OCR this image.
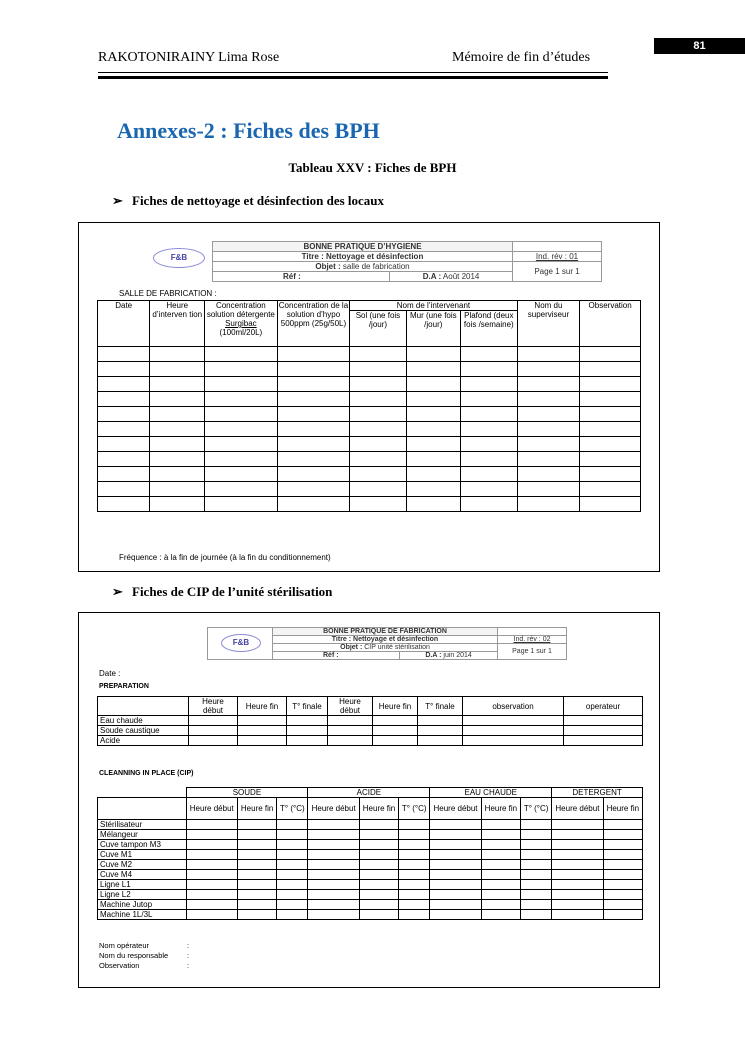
81
RAKOTONIRAINY Lima Rose	Mémoire de fin d’études
Annexes-2 : Fiches des BPH
Tableau XXV : Fiches de BPH
➢ Fiches de nettoyage et désinfection des locaux
F&B
BONNE PRATIQUE D’HYGIENE		
Titre : Nettoyage et désinfection		Ind. rév : 01
Objet : salle de fabrication		Page 1 sur 1
Réf :	D.A : Août 2014	
SALLE DE FABRICATION :
Date	Heure d’interven tion	Concentration solution détergente
Surgibac
(100ml/20L)	Concentration de la solution d’hypo 500ppm (25g/50L)	Nom de l’intervenant			Nom du superviseur	Observation
				Sol (une fois /jour)	Mur (une fois /jour)	Plafond (deux fois /semaine)		

Fréquence : à la fin de journée (à la fin du conditionnement)
➢ Fiches de CIP de l’unité stérilisation
F&B
	BONNE PRATIQUE DE FABRICATION		
	Titre : Nettoyage et désinfection		Ind. rév : 02
	Objet : CIP unité stérilisation		Page 1 sur 1
	Réf :	D.A : juin 2014	
Date :
PREPARATION
	Heure début	Heure fin	T° finale	Heure début	Heure fin	T° finale	observation	operateur
Eau chaude								
Soude caustique								
Acide								
CLEANNING IN PLACE (CIP)
	SOUDE			ACIDE			EAU CHAUDE			DETERGENT	
	Heure début	Heure fin	T° (°C)	Heure début	Heure fin	T° (°C)	Heure début	Heure fin	T° (°C)	Heure début	Heure fin
Stérilisateur											
Mélangeur											
Cuve tampon M3											
Cuve M1											
Cuve M2											
Cuve M4											
Ligne L1											
Ligne L2											
Machine Jutop											
Machine 1L/3L											
Nom opérateur	:
Nom du responsable	:
Observation	:
